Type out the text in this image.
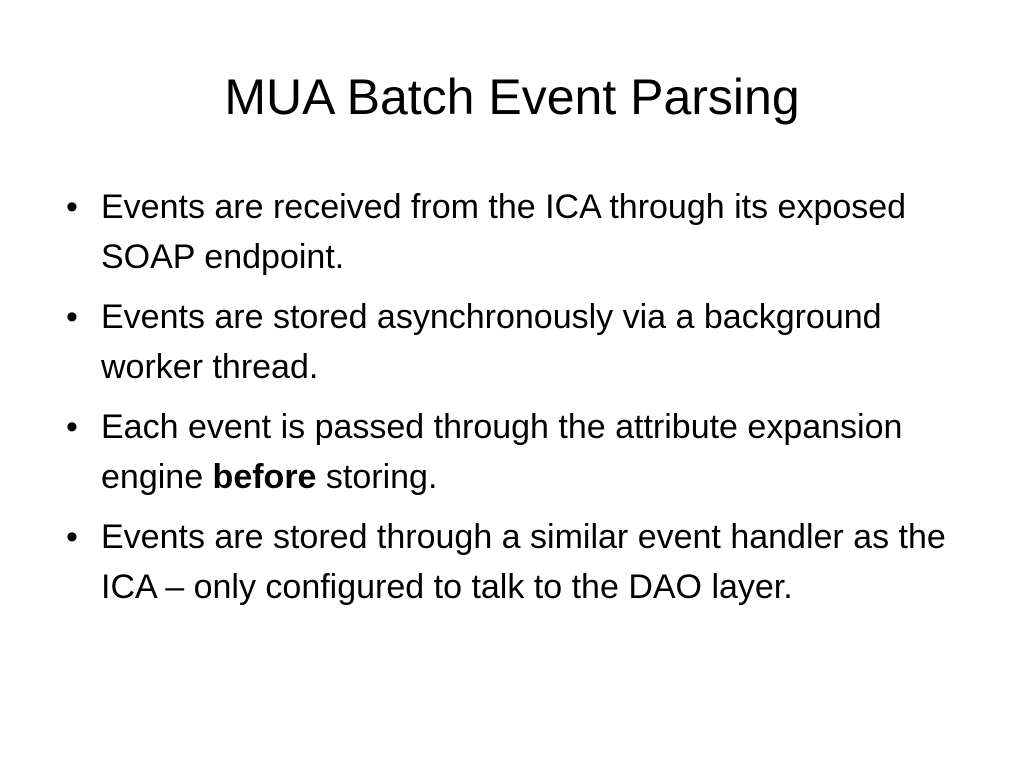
MUA Batch Event Parsing
• Events are received from the ICA through its exposed SOAP endpoint.
• Events are stored asynchronously via a background worker thread.
• Each event is passed through the attribute expansion engine before storing.
• Events are stored through a similar event handler as the ICA – only configured to talk to the DAO layer.
